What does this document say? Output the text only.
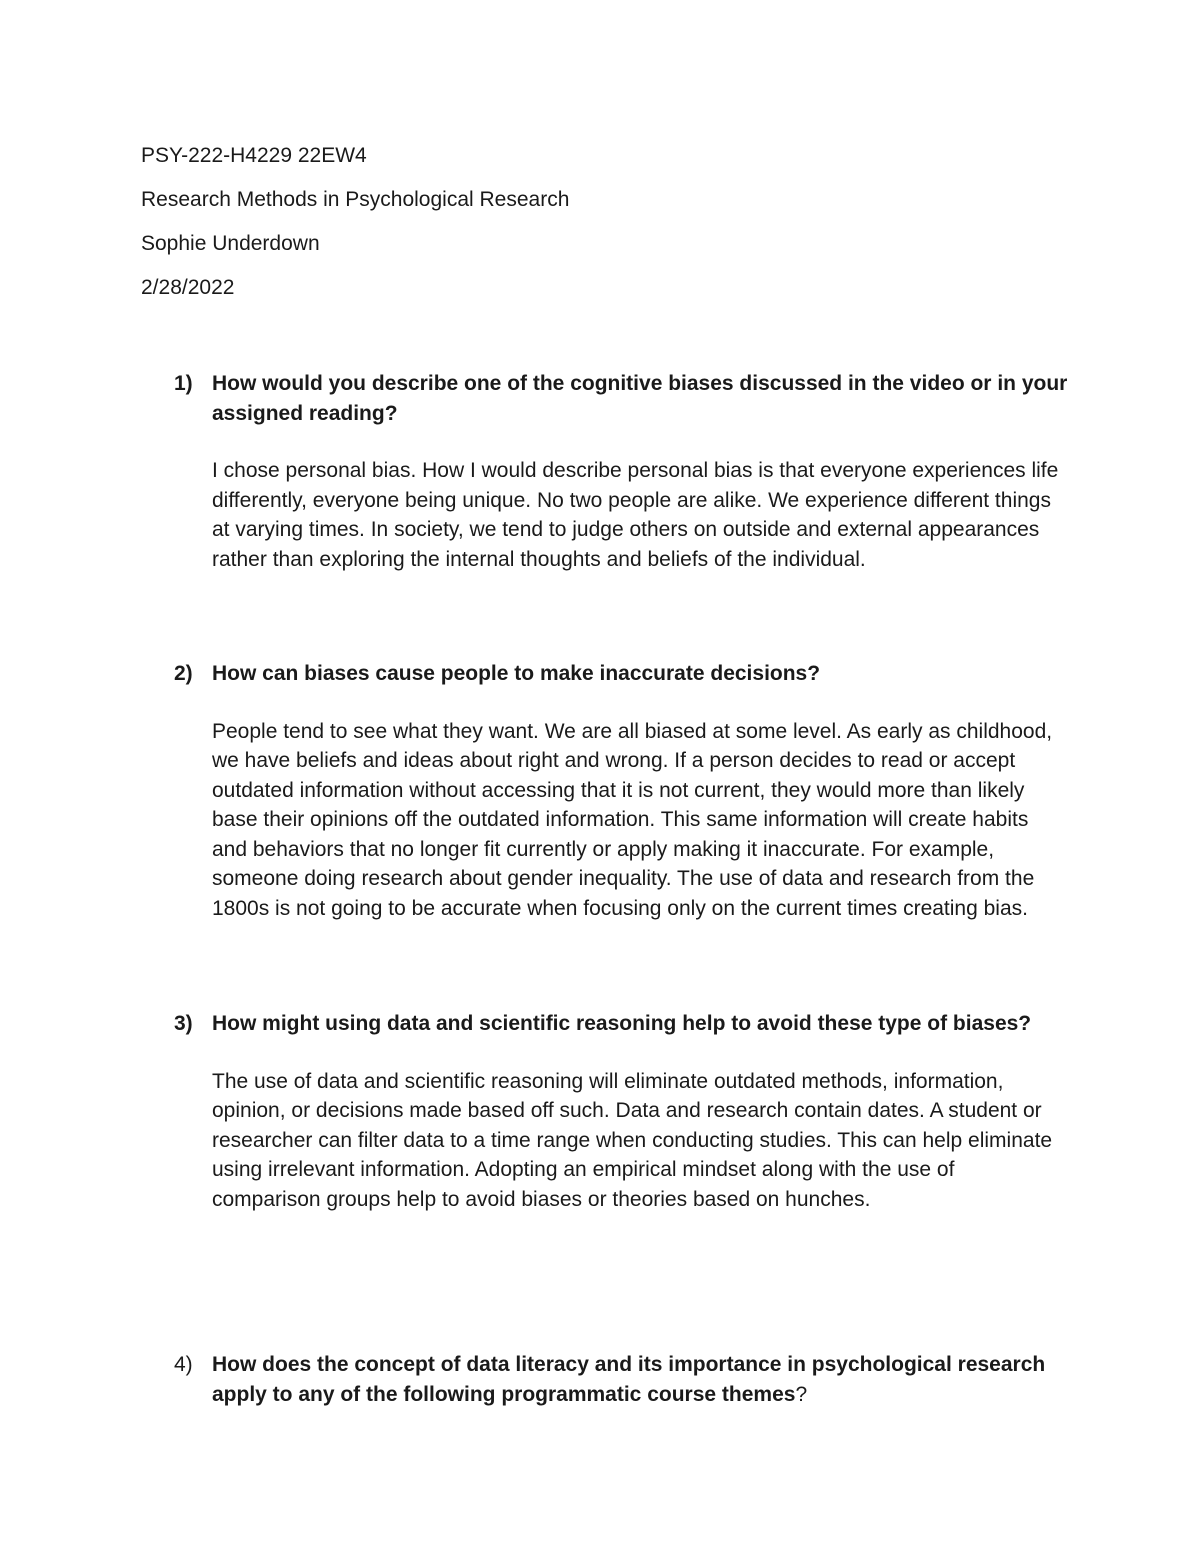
PSY-222-H4229 22EW4
Research Methods in Psychological Research
Sophie Underdown
2/28/2022
1) How would you describe one of the cognitive biases discussed in the video or in your assigned reading?
I chose personal bias. How I would describe personal bias is that everyone experiences life differently, everyone being unique. No two people are alike. We experience different things at varying times. In society, we tend to judge others on outside and external appearances rather than exploring the internal thoughts and beliefs of the individual.
2) How can biases cause people to make inaccurate decisions?
People tend to see what they want. We are all biased at some level. As early as childhood, we have beliefs and ideas about right and wrong. If a person decides to read or accept outdated information without accessing that it is not current, they would more than likely base their opinions off the outdated information. This same information will create habits and behaviors that no longer fit currently or apply making it inaccurate. For example, someone doing research about gender inequality. The use of data and research from the 1800s is not going to be accurate when focusing only on the current times creating bias.
3) How might using data and scientific reasoning help to avoid these type of biases?
The use of data and scientific reasoning will eliminate outdated methods, information, opinion, or decisions made based off such. Data and research contain dates. A student or researcher can filter data to a time range when conducting studies. This can help eliminate using irrelevant information. Adopting an empirical mindset along with the use of comparison groups help to avoid biases or theories based on hunches.
4) How does the concept of data literacy and its importance in psychological research apply to any of the following programmatic course themes?
